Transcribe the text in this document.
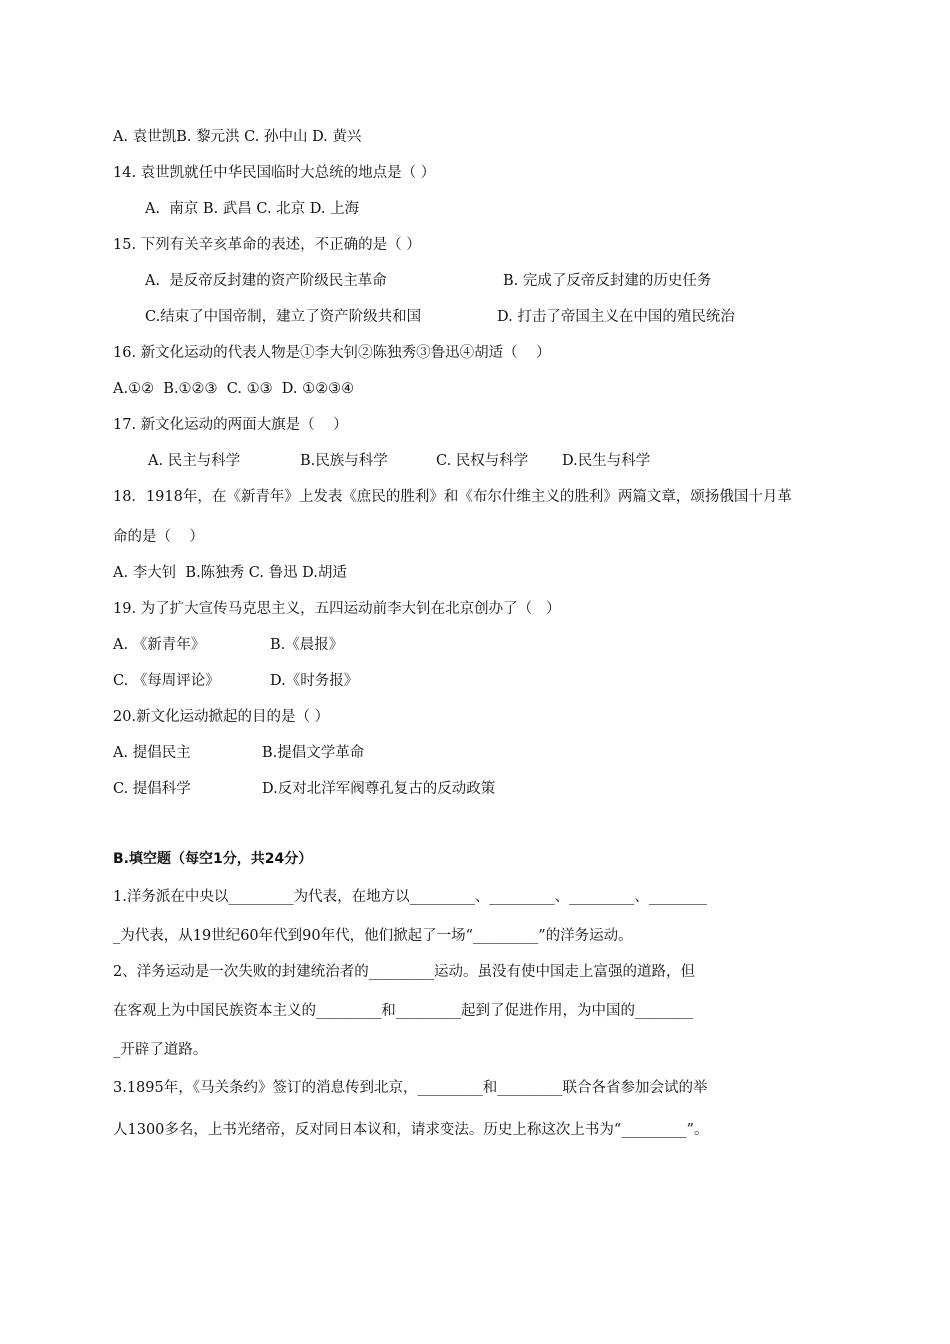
A. 袁世凯B. 黎元洪 C. 孙中山 D. 黄兴
14. 袁世凯就任中华民国临时大总统的地点是（ ）
A.  南京 B. 武昌 C. 北京 D. 上海
15. 下列有关辛亥革命的表述，不正确的是（ ）
A.  是反帝反封建的资产阶级民主革命	B. 完成了反帝反封建的历史任务
C.结束了中国帝制，建立了资产阶级共和国	D. 打击了帝国主义在中国的殖民统治
16. 新文化运动的代表人物是①李大钊②陈独秀③鲁迅④胡适（    ）
A.①②  B.①②③  C. ①③  D. ①②③④
17. 新文化运动的两面大旗是（    ）
A. 民主与科学	B.民族与科学	C. 民权与科学 D.民生与科学
18．1918年，在《新青年》上发表《庶民的胜利》和《布尔什维主义的胜利》两篇文章，颂扬俄国十月革
命的是（    ）
A. 李大钊  B.陈独秀 C. 鲁迅 D.胡适
19. 为了扩大宣传马克思主义，五四运动前李大钊在北京创办了（   ）
A. 《新青年》	B.《晨报》
C. 《每周评论》	D.《时务报》
20.新文化运动掀起的目的是（ ）
A. 提倡民主	B.提倡文学革命
C. 提倡科学	D.反对北洋军阀尊孔复古的反动政策
B.填空题（每空1分，共24分）
1.洋务派在中央以_________为代表，在地方以_________、_________、_________、________
_为代表，从19世纪60年代到90年代，他们掀起了一场“_________”的洋务运动。
2、洋务运动是一次失败的封建统治者的_________运动。虽没有使中国走上富强的道路，但
在客观上为中国民族资本主义的_________和_________起到了促进作用，为中国的________
_开辟了道路。
3.1895年，《马关条约》签订的消息传到北京，_________和_________联合各省参加会试的举
人1300多名，上书光绪帝，反对同日本议和，请求变法。历史上称这次上书为“_________”。
